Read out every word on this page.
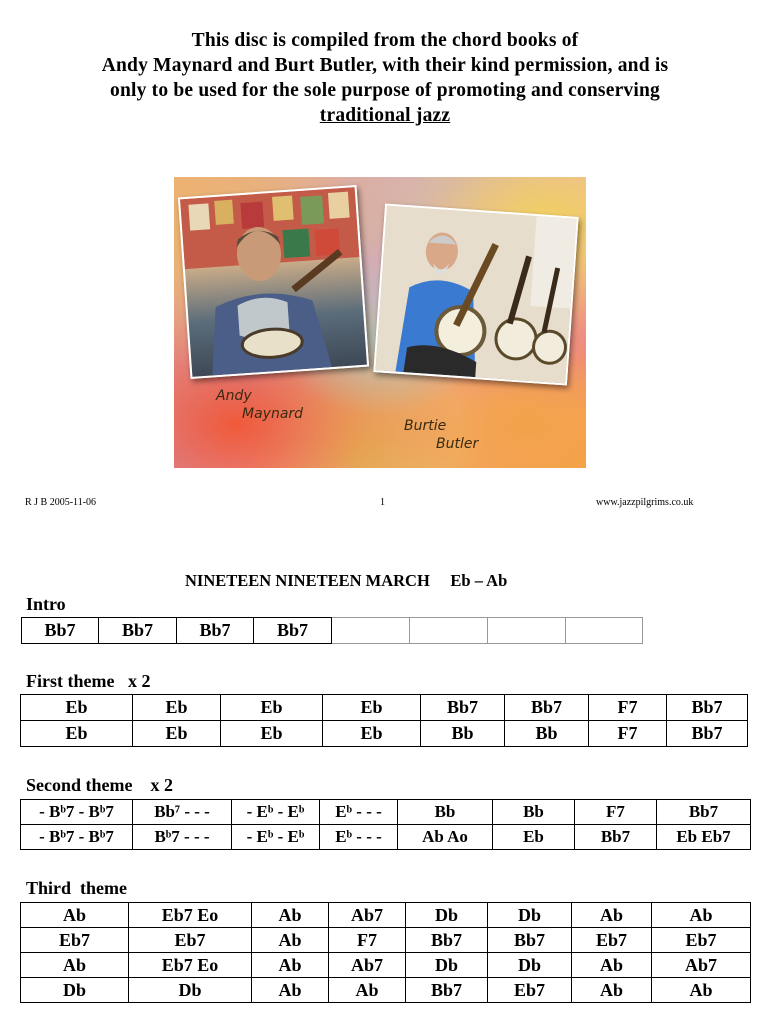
This disc is compiled from the chord books of
Andy Maynard and Burt Butler, with their kind permission, and is
only to be used for the sole purpose of promoting and conserving
traditional jazz
Andy
Maynard
Burtie
Butler
R J B 2005-11-06	1	www.jazzpilgrims.co.uk
NINETEEN NINETEEN MARCH     Eb – Ab
Intro
Bb7	Bb7	Bb7	Bb7				
First theme   x 2
Eb	Eb	Eb	Eb	Bb7	Bb7	F7	Bb7
Eb	Eb	Eb	Eb	Bb	Bb	F7	Bb7
Second theme    x 2
- Bᵇ7 - Bᵇ7	Bb⁷ - - -	- Eᵇ - Eᵇ	Eᵇ - - -	Bb	Bb	F7	Bb7
- Bᵇ7 - Bᵇ7	Bᵇ7 - - -	- Eᵇ - Eᵇ	Eᵇ - - -	Ab Ao	Eb	Bb7	Eb Eb7
Third  theme
Ab	Eb7 Eo	Ab	Ab7	Db	Db	Ab	Ab
Eb7	Eb7	Ab	F7	Bb7	Bb7	Eb7	Eb7
Ab	Eb7 Eo	Ab	Ab7	Db	Db	Ab	Ab7
Db	Db	Ab	Ab	Bb7	Eb7	Ab	Ab
